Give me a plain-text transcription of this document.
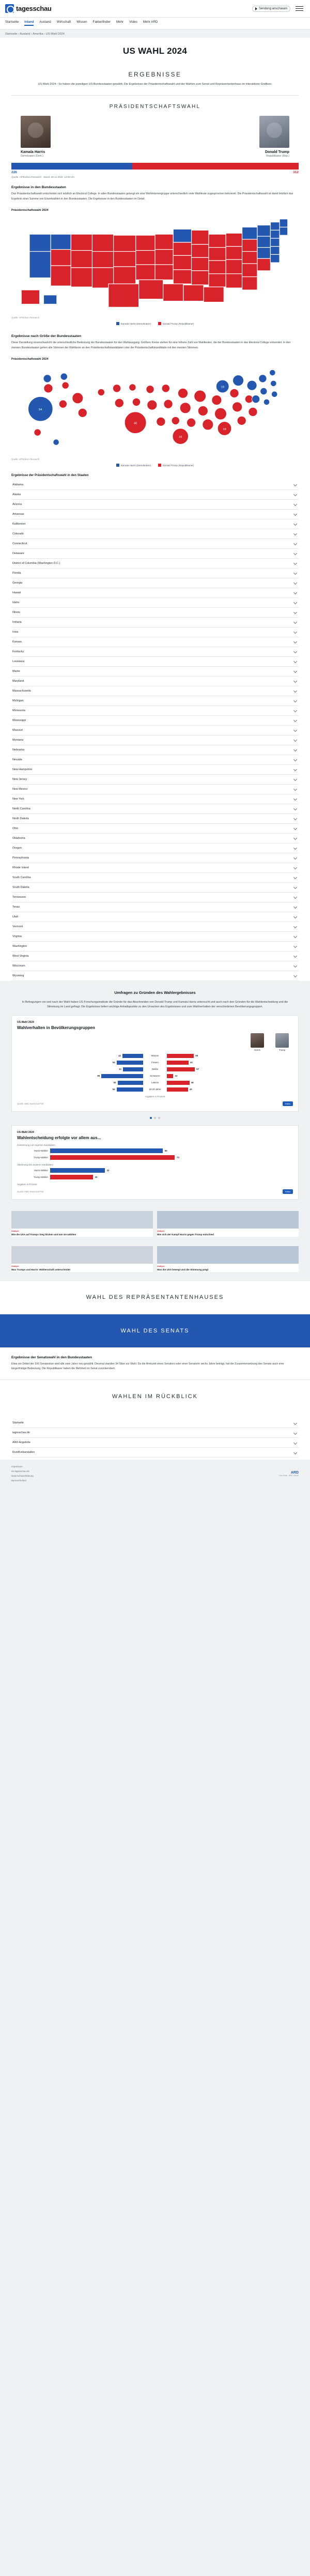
tagesschau	Sendung anschauen
Startseite Inland Ausland Wirtschaft Wissen Faktenfinder Mehr Video Mehr ARD
Startseite › Ausland › Amerika › US-Wahl 2024
US WAHL 2024
ERGEBNISSE
US-Wahl 2024 - So haben die jeweiligen US-Bundesstaaten gewählt. Die Ergebnisse der Präsidentschaftswahl und der Wahlen zum Senat und Repräsentantenhaus im interaktiven Grafiken.
PRÄSIDENTSCHAFTSWAHL
Kamala Harris
Demokraten (Dem.)
Donald Trump
Republikaner (Rep.)
226	312
Quelle: AP/Edison Research · Stand: 06.12.2024, 12:00 Uhr
Ergebnisse in den Bundesstaaten
Das Präsidentschaftswahl entscheidet sich letztlich an Electoral College. In allen Bundesstaaten gelangt ein eine Wahlmännergruppe unterschiedlich viele Wahlleute zugesprochen bekommt. Die Präsidentschaftswahl ist damit letztlich das Ergebnis einer Summe von Einzelwahlen in den Bundesstaaten. Die Ergebnisse in den Bundesstaaten im Detail.
Präsidentschaftswahl 2024
Quelle: AP/Edison Research
Kamala Harris (Demokraten)	Donald Trump (Republikaner)
Ergebnisse nach Größe der Bundesstaaten
Diese Darstellung veranschaulicht die unterschiedliche Bedeutung der Bundesstaaten für den Wahlausgang. Größere Kreise stehen für eine höhere Zahl von Wahlleuten, die der Bundesstaaten in das Electoral College entsendet. In den meisten Bundesstaaten gehen alle Stimmen der Wahlleute an den Präsidentschaftskandidaten oder die Präsidentschaftskandidatin mit den meisten Stimmen.
Präsidentschaftswahl 2024
54
40
19
16
19
Quelle: AP/Edison Research
Kamala Harris (Demokraten)	Donald Trump (Republikaner)
Ergebnisse der Präsidentschaftswahl in den Staaten
Alabama
Alaska
Arizona
Arkansas
Kalifornien
Colorado
Connecticut
Delaware
District of Columbia (Washington D.C.)
Florida
Georgia
Hawaii
Idaho
Illinois
Indiana
Iowa
Kansas
Kentucky
Louisiana
Maine
Maryland
Massachusetts
Michigan
Minnesota
Mississippi
Missouri
Montana
Nebraska
Nevada
New Hampshire
New Jersey
New Mexico
New York
North Carolina
North Dakota
Ohio
Oklahoma
Oregon
Pennsylvania
Rhode Island
South Carolina
South Dakota
Tennessee
Texas
Utah
Vermont
Virginia
Washington
West Virginia
Wisconsin
Wyoming
Umfragen zu Gründen des Wahlergebnisses
In Befragungen vor und nach der Wahl haben US-Forschungsinstitute die Gründe für das Abschneiden von Donald Trump und Kamala Harris untersucht und auch nach den Gründen für die Wahlentscheidung und die Stimmung im Land gefragt. Die Ergebnisse liefern wichtige Anhaltspunkte zu den Ursachen des Ergebnisses und zum Wahlverhalten der verschiedenen Bevölkerungsgruppen.
US-Wahl 2024
Wahlverhalten in Bevölkerungsgruppen
Harris	Trump
42	Männer	55
54	Frauen	44
41	Weiße	57
85	Schwarze	13
52	Latinos	46
54	18-29 Jahre	43
Angaben in Prozent
Quelle: NBC News Exit Poll	Teilen
US-Wahl 2024
Wahlentscheidung erfolgte vor allem aus...
Zustimmung zum eigenen Kandidaten
Harris-Wähler	66
Trump-Wähler	73
Ablehnung des anderen Kandidaten
Harris-Wähler	32
Trump-Wähler	25
Angaben in Prozent
Quelle: NBC News Exit Poll	Teilen
Analyse
Wie die USA auf Trumps Sieg blicken und wie sie wählten
Analyse
Wie sich der Kampf Harris gegen Trump entschied
Analyse
Was Trumps und Harris' Wählerschaft unterscheidet
Analyse
Was die USA bewegt und die Stimmung prägt
WAHL DES REPRÄSENTANTENHAUSES
WAHL DES SENATS
Ergebnisse der Senatswahl in den Bundesstaaten
Etwa ein Drittel der 100 Senatssitze wird alle zwei Jahre neu gewählt. Diesmal standen 34 Sitze zur Wahl. Da die Amtszeit eines Senators oder einer Senatorin sechs Jahre beträgt, hat die Zusammensetzung des Senats auch eine längerfristige Bedeutung. Die Republikaner haben die Mehrheit im Senat zurückerobert.
WAHLEN IM RÜCKBLICK
Startseite
tagesschau.de
ARD-Angebote
Rundfunkanstalten
Impressum
Zu tagesschau.de
Datenschutzerklärung
Barrierefreiheit
ARD
Das Erste · ARD Online
